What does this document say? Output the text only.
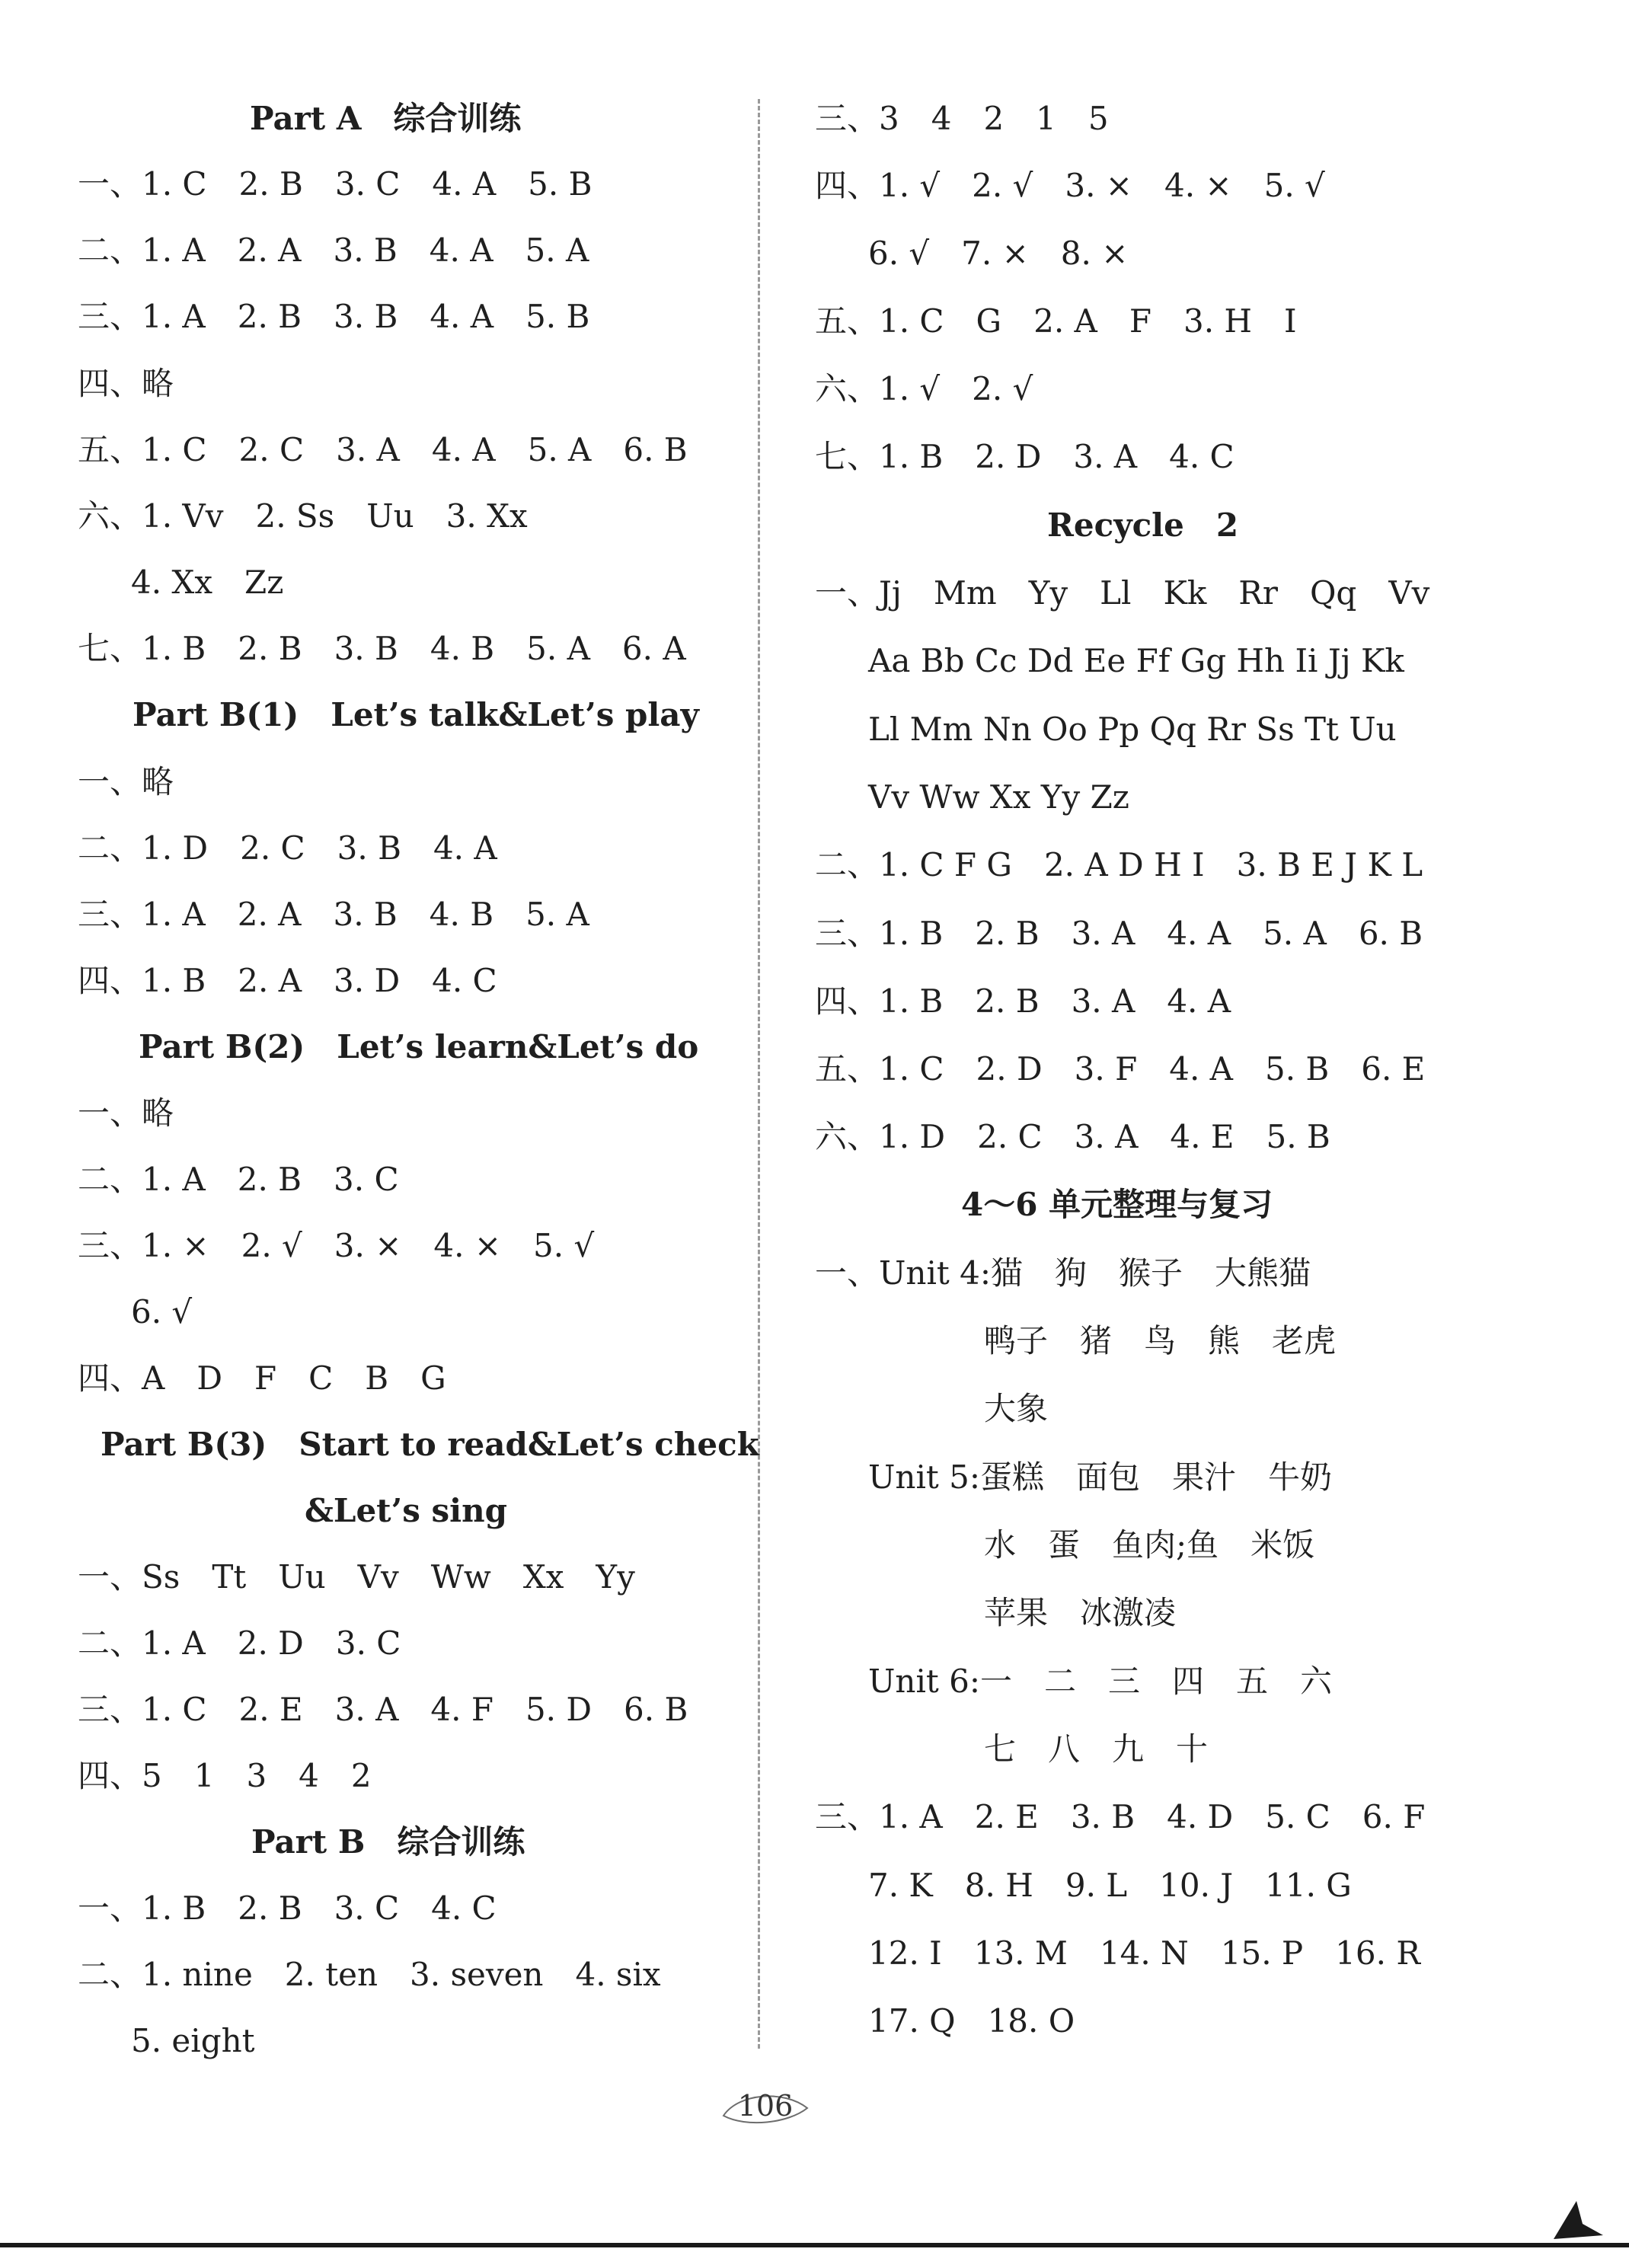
Part A　综合训练
一、1. C　2. B　3. C　4. A　5. B
二、1. A　2. A　3. B　4. A　5. A
三、1. A　2. B　3. B　4. A　5. B
四、略
五、1. C　2. C　3. A　4. A　5. A　6. B
六、1. Vv　2. Ss　Uu　3. Xx
4. Xx　Zz
七、1. B　2. B　3. B　4. B　5. A　6. A
Part B(1)　Let’s talk&Let’s play
一、略
二、1. D　2. C　3. B　4. A
三、1. A　2. A　3. B　4. B　5. A
四、1. B　2. A　3. D　4. C
Part B(2)　Let’s learn&Let’s do
一、略
二、1. A　2. B　3. C
三、1. ×　2. √　3. ×　4. ×　5. √
6. √
四、A　D　F　C　B　G
Part B(3)　Start to read&Let’s check
&Let’s sing
一、Ss　Tt　Uu　Vv　Ww　Xx　Yy
二、1. A　2. D　3. C
三、1. C　2. E　3. A　4. F　5. D　6. B
四、5　1　3　4　2
Part B　综合训练
一、1. B　2. B　3. C　4. C
二、1. nine　2. ten　3. seven　4. six
5. eight
三、3　4　2　1　5
四、1. √　2. √　3. ×　4. ×　5. √
6. √　7. ×　8. ×
五、1. C　G　2. A　F　3. H　I
六、1. √　2. √
七、1. B　2. D　3. A　4. C
Recycle　2
一、Jj　Mm　Yy　Ll　Kk　Rr　Qq　Vv
Aa Bb Cc Dd Ee Ff Gg Hh Ii Jj Kk
Ll Mm Nn Oo Pp Qq Rr Ss Tt Uu
Vv Ww Xx Yy Zz
二、1. C F G　2. A D H I　3. B E J K L
三、1. B　2. B　3. A　4. A　5. A　6. B
四、1. B　2. B　3. A　4. A
五、1. C　2. D　3. F　4. A　5. B　6. E
六、1. D　2. C　3. A　4. E　5. B
4～6 单元整理与复习
一、Unit 4:猫　狗　猴子　大熊猫
鸭子　猪　鸟　熊　老虎
大象
Unit 5:蛋糕　面包　果汁　牛奶
水　蛋　鱼肉;鱼　米饭
苹果　冰激凌
Unit 6:一　二　三　四　五　六
七　八　九　十
三、1. A　2. E　3. B　4. D　5. C　6. F
7. K　8. H　9. L　10. J　11. G
12. I　13. M　14. N　15. P　16. R
17. Q　18. O
106
